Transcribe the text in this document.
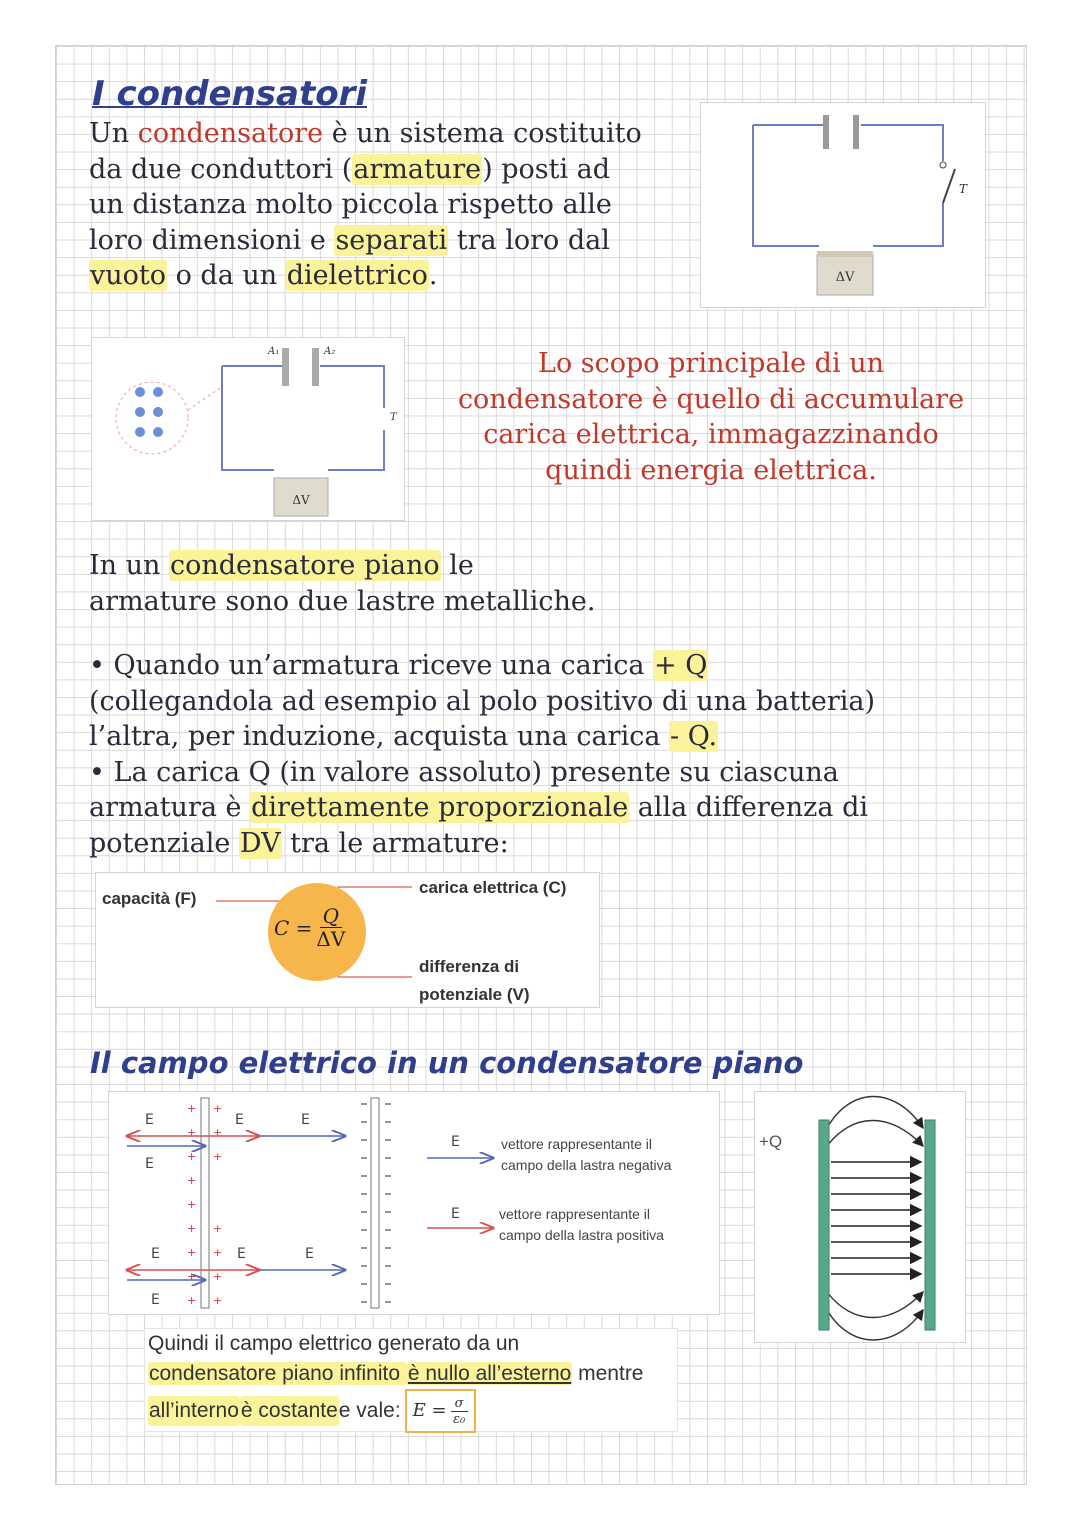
I condensatori
Un condensatore è un sistema costituito
da due conduttori (armature) posti ad
un distanza molto piccola rispetto alle
loro dimensioni e separati tra loro dal
vuoto o da un dielettrico.
T
ΔV
A₁	A₂
T
ΔV
Lo scopo principale di un
condensatore è quello di accumulare
carica elettrica, immagazzinando
quindi energia elettrica.
In un condensatore piano le
armature sono due lastre metalliche.
• Quando un’armatura riceve una carica + Q
(collegandola ad esempio al polo positivo di una batteria)
l’altra, per induzione, acquista una carica - Q.
• La carica Q (in valore assoluto) presente su ciascuna
armatura è direttamente proporzionale alla differenza di
potenziale DV tra le armature:
capacità (F)
carica elettrica (C)
differenza di
potenziale (V)
$C = \frac{Q}{\Delta V}$
Il campo elettrico in un condensatore piano
+ +
+ +
+ +
+
+
+ +
+ +
+ +
+ +
E
E
E	E
E
E
E	E
E
E
vettore rappresentante il
campo della lastra negativa
vettore rappresentante il
campo della lastra positiva
+Q
Quindi il campo elettrico generato da un
condensatore piano infinito è nullo all’esterno mentre
all’interno è costante e vale: $E = \frac{\sigma}{\text{ε₀}}$
